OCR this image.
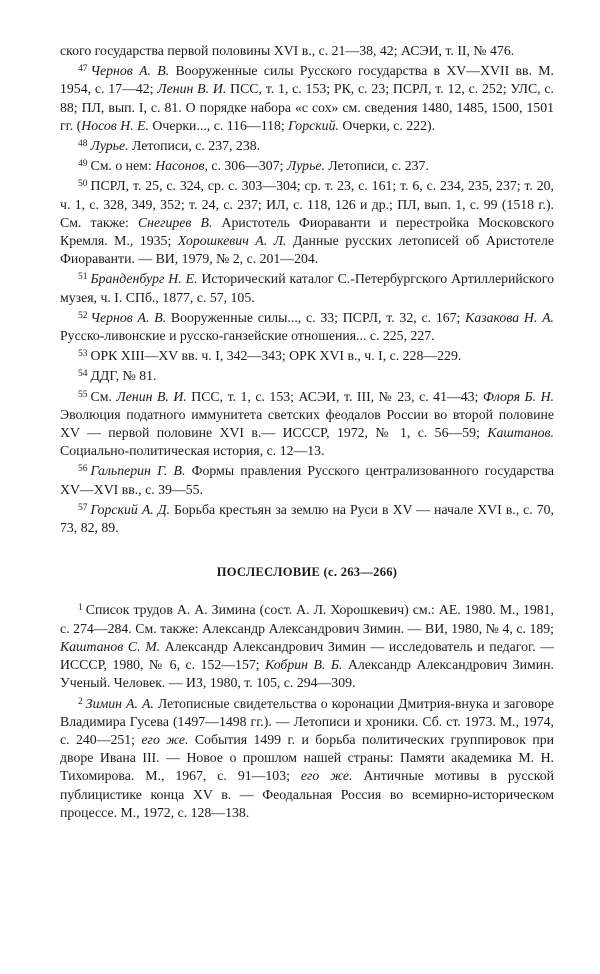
ского государства первой половины XVI в., с. 21—38, 42; АСЭИ, т. II, № 476.

$^{47}$ Чернов А. В. Вооруженные силы Русского государства в XV—XVII вв. М. 1954, с. 17—42; Ленин В. И. ПСС, т. 1, с. 153; РК, с. 23; ПСРЛ, т. 12, с. 252; УЛС, с. 88; ПЛ, вып. I, с. 81. О порядке набора «с сох» см. сведения 1480, 1485, 1500, 1501 гг. (Носов Н. Е. Очерки..., с. 116—118; Горский. Очерки, с. 222).

$^{48}$ Лурье. Летописи, с. 237, 238.

$^{49}$ См. о нем: Насонов, с. 306—307; Лурье. Летописи, с. 237.

$^{50}$ ПСРЛ, т. 25, с. 324, ср. с. 303—304; ср. т. 23, с. 161; т. 6, с. 234, 235, 237; т. 20, ч. 1, с. 328, 349, 352; т. 24, с. 237; ИЛ, с. 118, 126 и др.; ПЛ, вып. 1, с. 99 (1518 г.). См. также: Снегирев В. Аристотель Фиораванти и перестройка Московского Кремля. М., 1935; Хорошкевич А. Л. Данные русских летописей об Аристотеле Фиораванти. — ВИ, 1979, № 2, с. 201—204.

$^{51}$ Бранденбург Н. Е. Исторический каталог С.-Петербургского Артиллерийского музея, ч. I. СПб., 1877, с. 57, 105.

$^{52}$ Чернов А. В. Вооруженные силы..., с. 33; ПСРЛ, т. 32, с. 167; Казакова Н. А. Русско-ливонские и русско-ганзейские отношения... с. 225, 227.

$^{53}$ ОРК XIII—XV вв. ч. I, 342—343; ОРК XVI в., ч. I, с. 228—229.

$^{54}$ ДДГ, № 81.

$^{55}$ См. Ленин В. И. ПСС, т. 1, с. 153; АСЭИ, т. III, № 23, с. 41—43; Флоря Б. Н. Эволюция податного иммунитета светских феодалов России во второй половине XV — первой половине XVI в.— ИСССР, 1972, № 1, с. 56—59; Каштанов. Социально-политическая история, с. 12—13.

$^{56}$ Гальперин Г. В. Формы правления Русского централизованного государства XV—XVI вв., с. 39—55.

$^{57}$ Горский А. Д. Борьба крестьян за землю на Руси в XV — начале XVI в., с. 70, 73, 82, 89.

ПОСЛЕСЛОВИЕ (с. 263—266)

$^1$ Список трудов А. А. Зимина (сост. А. Л. Хорошкевич) см.: АЕ. 1980. М., 1981, с. 274—284. См. также: Александр Александрович Зимин. — ВИ, 1980, № 4, с. 189; Каштанов С. М. Александр Александрович Зимин — исследователь и педагог. — ИСССР, 1980, № 6, с. 152—157; Кобрин В. Б. Александр Александрович Зимин. Ученый. Человек. — ИЗ, 1980, т. 105, с. 294—309.

$^2$ Зимин А. А. Летописные свидетельства о коронации Дмитрия-внука и заговоре Владимира Гусева (1497—1498 гг.). — Летописи и хроники. Сб. ст. 1973. М., 1974, с. 240—251; его же. События 1499 г. и борьба политических группировок при дворе Ивана III. — Новое о прошлом нашей страны: Памяти академика М. Н. Тихомирова. М., 1967, с. 91—103; его же. Античные мотивы в русской публицистике конца XV в. — Феодальная Россия во всемирно-историческом процессе. М., 1972, с. 128—138.
